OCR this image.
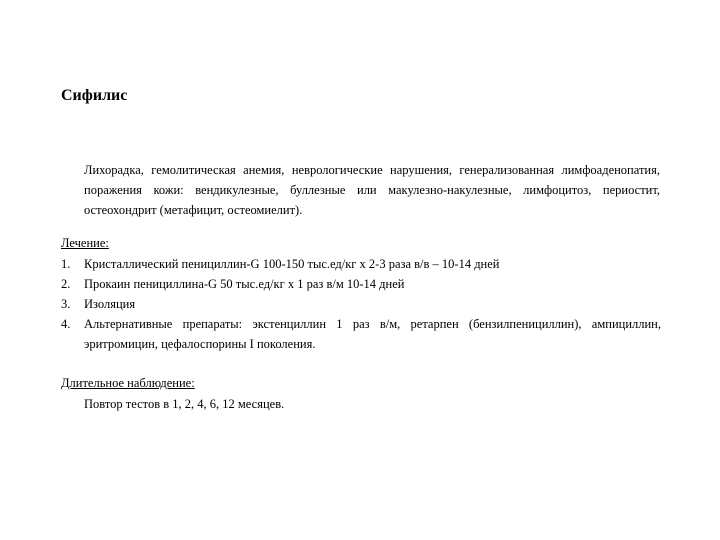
Сифилис

Лихорадка, гемолитическая анемия, неврологические нарушения, генерализованная лимфоаденопатия, поражения кожи: вендикулезные, буллезные или макулезно-накулезные, лимфоцитоз, периостит, остеохондрит (метафицит, остеомиелит).

Лечение:

1. Кристаллический пенициллин-G 100-150 тыс.ед/кг х 2-3 раза в/в – 10-14 дней
2. Прокаин пенициллина-G 50 тыс.ед/кг х 1 раз в/м 10-14 дней
3. Изоляция
4. Альтернативные препараты: экстенциллин 1 раз в/м, ретарпен (бензилпенициллин), ампициллин, эритромицин, цефалоспорины I поколения.

Длительное наблюдение:

Повтор тестов в 1, 2, 4, 6, 12 месяцев.
